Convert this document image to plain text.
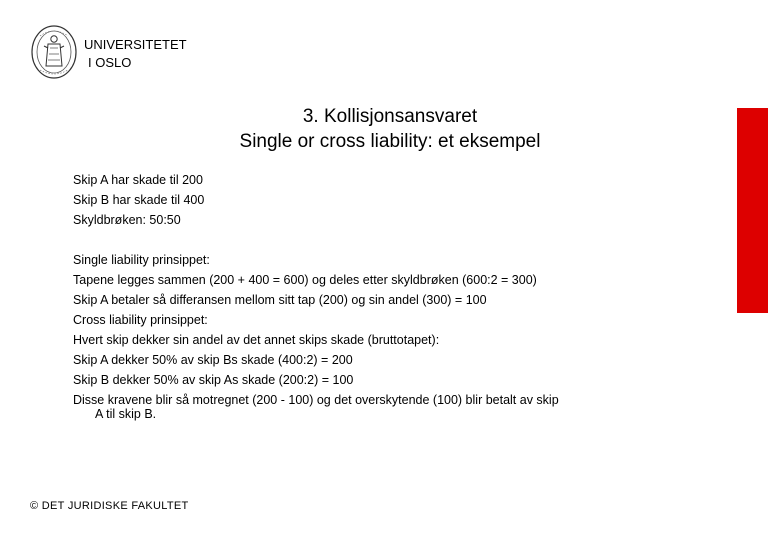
UNIVERSITETET
I OSLO
3. Kollisjonsansvaret
Single or cross liability: et eksempel
Skip A har skade til 200
Skip B har skade til 400
Skyldbrøken: 50:50
Single liability prinsippet:
Tapene legges sammen (200 + 400 = 600) og deles etter skyldbrøken (600:2 = 300)
Skip A betaler så differansen mellom sitt tap (200) og sin andel (300) = 100
Cross liability prinsippet:
Hvert skip dekker sin andel av det annet skips skade (bruttotapet):
Skip A dekker 50% av skip Bs skade (400:2) = 200
Skip B dekker 50% av skip As skade (200:2) = 100
Disse kravene blir så motregnet (200 - 100) og det overskytende (100) blir betalt av skip
A til skip B.
© DET JURIDISKE FAKULTET
